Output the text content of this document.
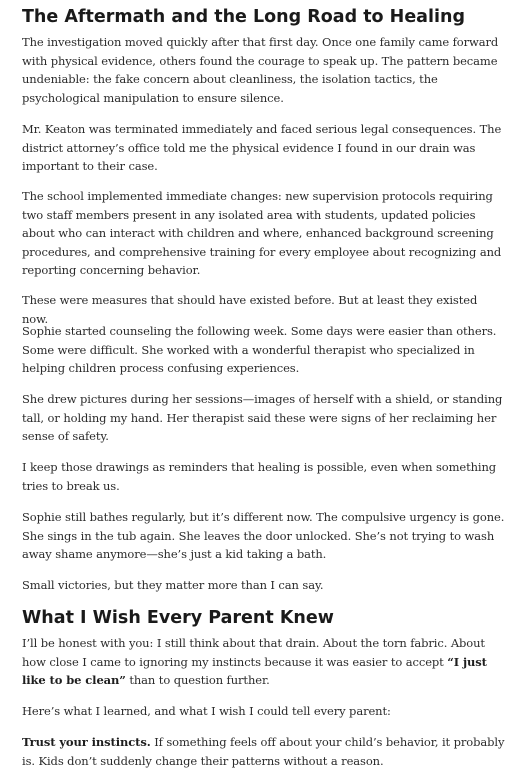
The Aftermath and the Long Road to Healing

The investigation moved quickly after that first day. Once one family came forward with physical evidence, others found the courage to speak up. The pattern became undeniable: the fake concern about cleanliness, the isolation tactics, the psychological manipulation to ensure silence.

Mr. Keaton was terminated immediately and faced serious legal consequences. The district attorney’s office told me the physical evidence I found in our drain was important to their case.

The school implemented immediate changes: new supervision protocols requiring two staff members present in any isolated area with students, updated policies about who can interact with children and where, enhanced background screening procedures, and comprehensive training for every employee about recognizing and reporting concerning behavior.

These were measures that should have existed before. But at least they existed now.

Sophie started counseling the following week. Some days were easier than others. Some were difficult. She worked with a wonderful therapist who specialized in helping children process confusing experiences.

She drew pictures during her sessions—images of herself with a shield, or standing tall, or holding my hand. Her therapist said these were signs of her reclaiming her sense of safety.

I keep those drawings as reminders that healing is possible, even when something tries to break us.

Sophie still bathes regularly, but it’s different now. The compulsive urgency is gone. She sings in the tub again. She leaves the door unlocked. She’s not trying to wash away shame anymore—she’s just a kid taking a bath.

Small victories, but they matter more than I can say.

What I Wish Every Parent Knew

I’ll be honest with you: I still think about that drain. About the torn fabric. About how close I came to ignoring my instincts because it was easier to accept “I just like to be clean” than to question further.

Here’s what I learned, and what I wish I could tell every parent:

Trust your instincts. If something feels off about your child’s behavior, it probably is. Kids don’t suddenly change their patterns without a reason.
